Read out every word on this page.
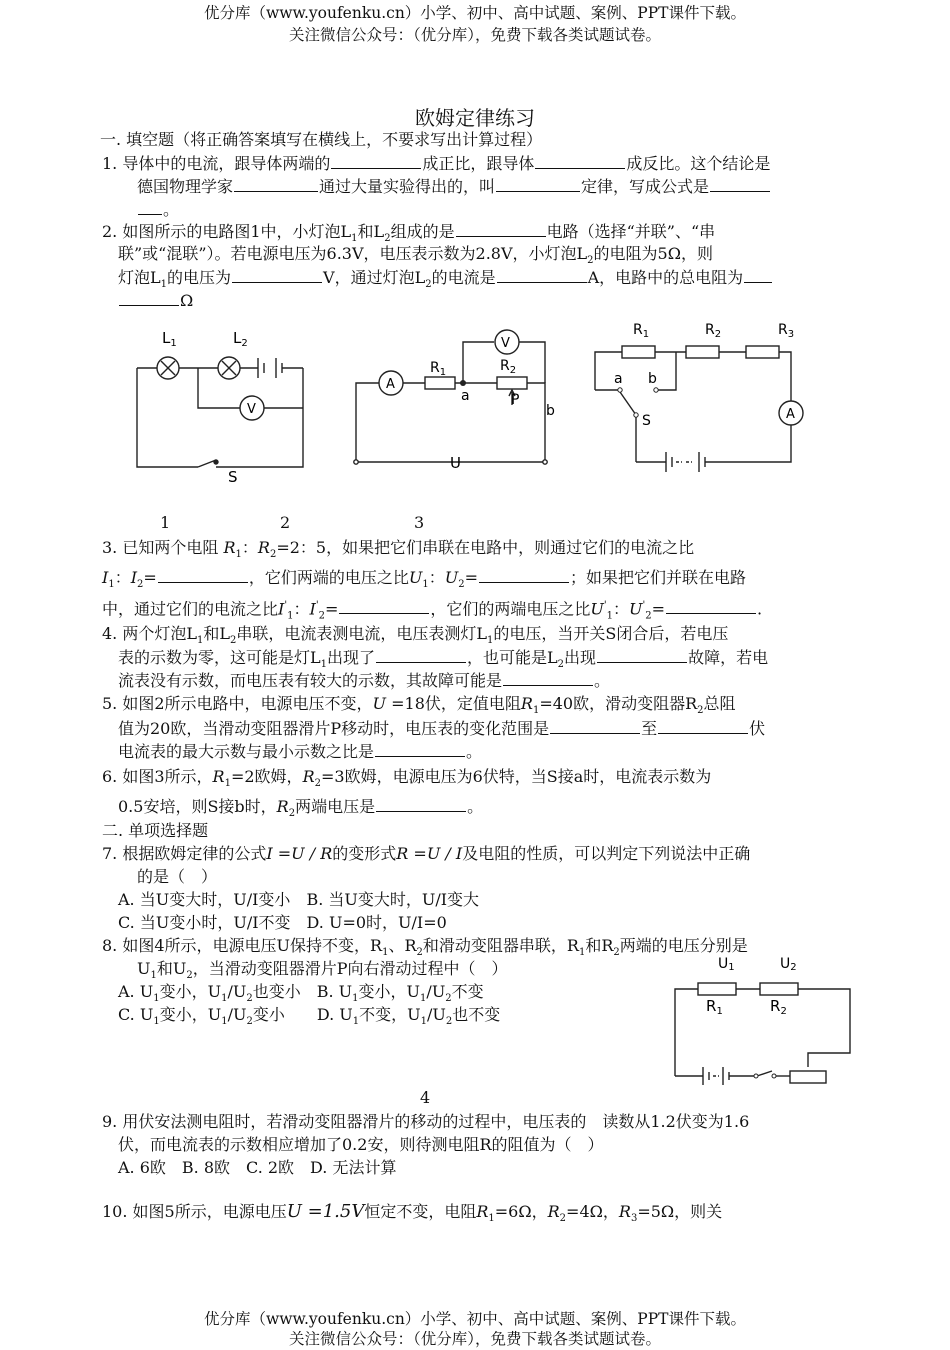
优分库（www.youfenku.cn）小学、初中、高中试题、案例、PPT课件下载。
关注微信公众号：（优分库），免费下载各类试题试卷。
欧姆定律练习
一. 填空题（将正确答案填写在横线上，不要求写出计算过程）
1. 导体中的电流，跟导体两端的	成正比，跟导体	成反比。这个结论是
德国物理学家	通过大量实验得出的，叫	定律，写成公式是
。
2. 如图所示的电路图1中，小灯泡$L_1$和$L_2$组成的是	电路（选择“并联”、“串
联”或“混联”）。若电源电压为6.3V，电压表示数为2.8V，小灯泡$L_2$的电阻为5Ω，则
灯泡$L_1$的电压为	V，通过灯泡$L_2$的电流是	A，电路中的总电阻为
Ω
$L_1$	$L_2$
V
S
A
V
$R_1$	$R_2$
a	P
b
U
$R_1$	$R_2$	$R_3$
a b
S	A
1	2	3
3. 已知两个电阻 $R_1$：$R_2=2$：5，如果把它们串联在电路中，则通过它们的电流之比
$I_1$：$I_2=$	，它们两端的电压之比$U_1$：$U_2=$	；如果把它们并联在电路
中，通过它们的电流之比$I'_1$：$I'_2=$	，它们的两端电压之比$U'_1$：$U'_2=$	.
4. 两个灯泡$L_1$和$L_2$串联，电流表测电流，电压表测灯$L_1$的电压，当开关S闭合后，若电压
表的示数为零，这可能是灯$L_1$出现了	，也可能是$L_2$出现	故障，若电
流表没有示数，而电压表有较大的示数，其故障可能是	。
5. 如图2所示电路中，电源电压不变，U =18伏，定值电阻$R_1=40$欧，滑动变阻器$R_2$总阻
值为20欧，当滑动变阻器滑片P移动时，电压表的变化范围是	至	伏
电流表的最大示数与最小示数之比是	。
6. 如图3所示，$R_1=2$欧姆，$R_2=3$欧姆，电源电压为6伏特，当S接a时，电流表示数为
0.5安培，则S接b时，$R_2$两端电压是	。
二. 单项选择题
7. 根据欧姆定律的公式I =U / R的变形式R =U / I及电阻的性质，可以判定下列说法中正确
的是（　）
A. 当U变大时，U/I变小　 B. 当U变大时，U/I变大
C. 当U变小时，U/I不变　 D. U=0时，U/I=0
8. 如图4所示，电源电压U保持不变，$R_1$、$R_2$和滑动变阻器串联，$R_1$和$R_2$两端的电压分别是
$U_1$和$U_2$，当滑动变阻器滑片P向右滑动过程中（　）
A. $U_1$变小，$U_1/U_2$也变小　 B. $U_1$变小，$U_1/U_2$不变
C. $U_1$变小，$U_1/U_2$变小　　 D. $U_1$不变，$U_1/U_2$也不变
U1	U2
$R_1$	$R_2$
4
9. 用伏安法测电阻时，若滑动变阻器滑片的移动的过程中，电压表的　读数从1.2伏变为1.6
伏，而电流表的示数相应增加了0.2安，则待测电阻R的阻值为（　）
A. 6欧　B. 8欧　C. 2欧　D. 无法计算
10. 如图5所示，电源电压U =1.5V恒定不变，电阻$R_1=6\Omega$，$R_2=4\Omega$，$R_3=5\Omega$，则关
优分库（www.youfenku.cn）小学、初中、高中试题、案例、PPT课件下载。
关注微信公众号：（优分库），免费下载各类试题试卷。
